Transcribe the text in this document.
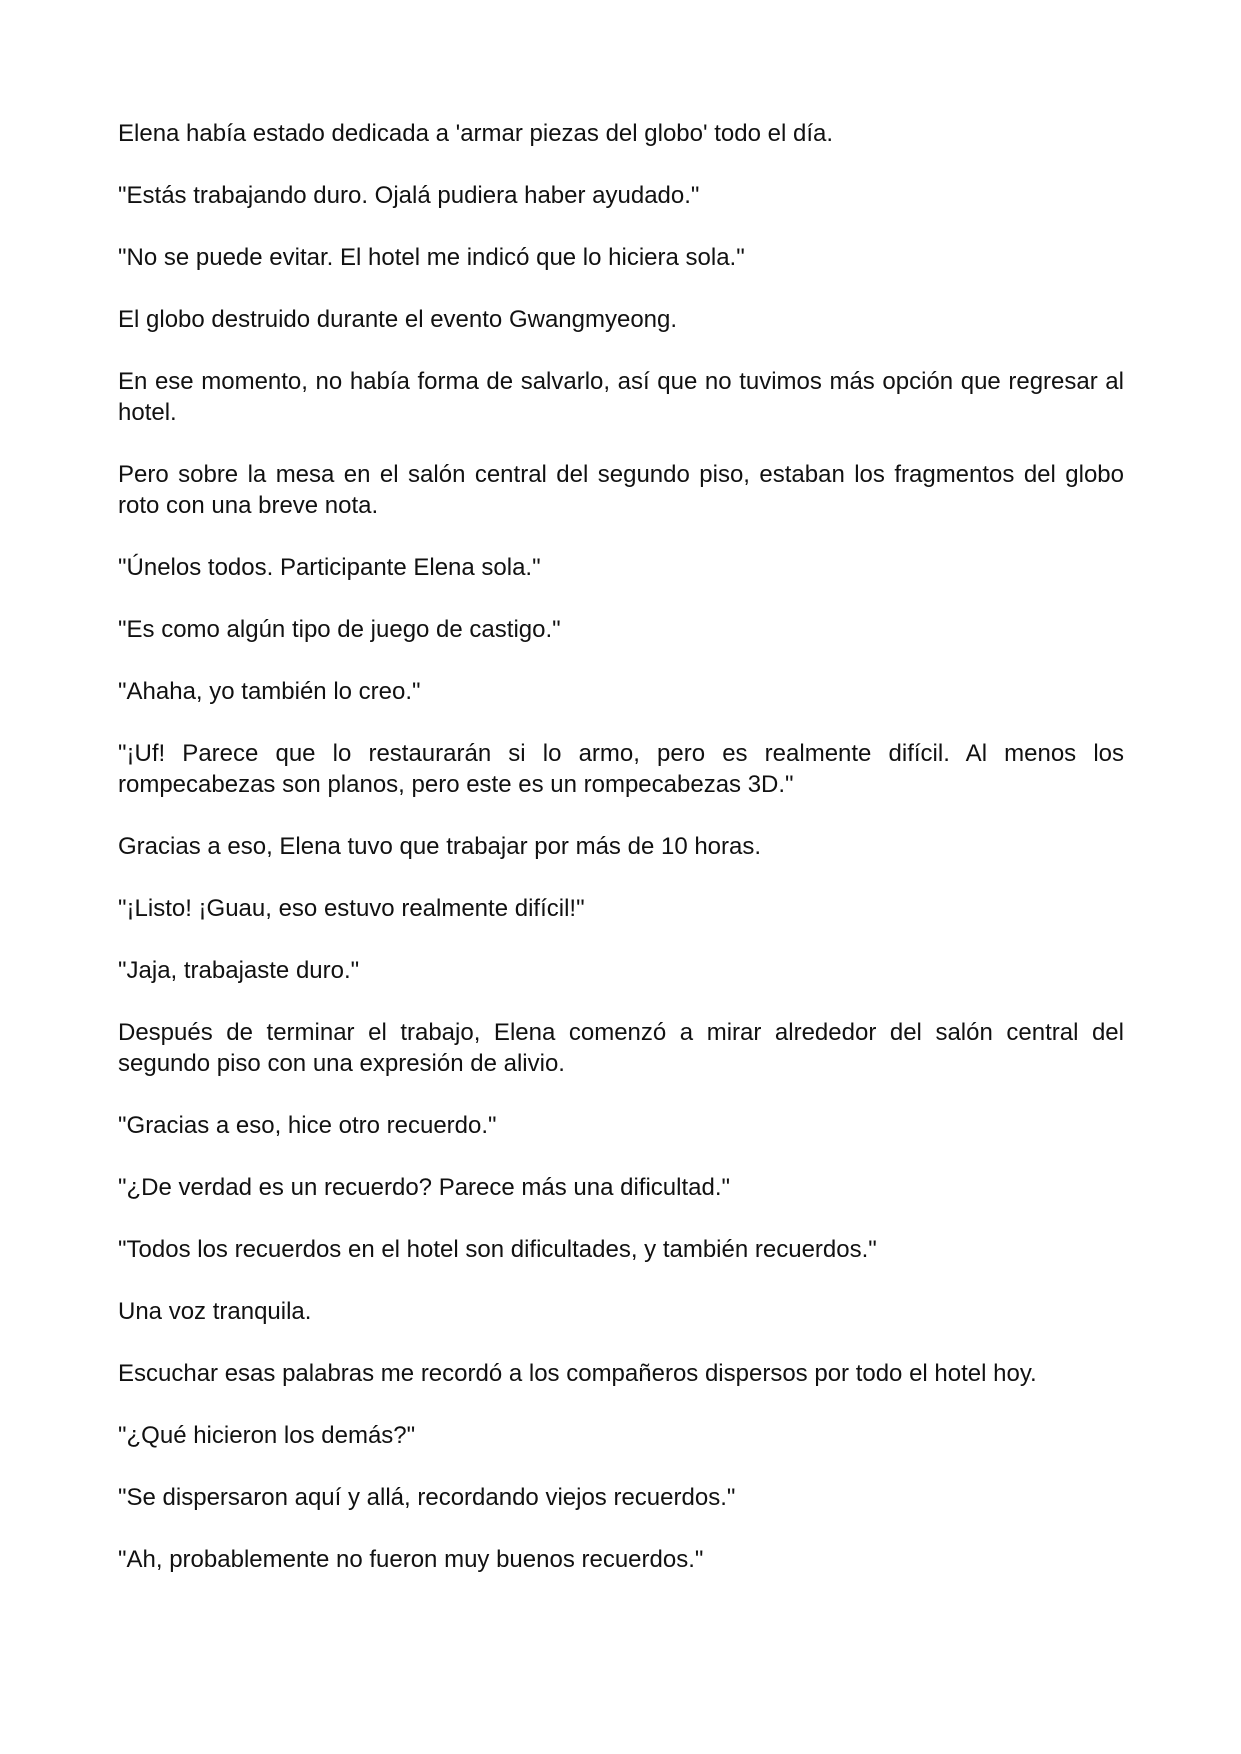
Elena había estado dedicada a 'armar piezas del globo' todo el día.

"Estás trabajando duro. Ojalá pudiera haber ayudado."

"No se puede evitar. El hotel me indicó que lo hiciera sola."

El globo destruido durante el evento Gwangmyeong.

En ese momento, no había forma de salvarlo, así que no tuvimos más opción que regresar al hotel.

Pero sobre la mesa en el salón central del segundo piso, estaban los fragmentos del globo roto con una breve nota.

"Únelos todos. Participante Elena sola."

"Es como algún tipo de juego de castigo."

"Ahaha, yo también lo creo."

"¡Uf! Parece que lo restaurarán si lo armo, pero es realmente difícil. Al menos los rompecabezas son planos, pero este es un rompecabezas 3D."

Gracias a eso, Elena tuvo que trabajar por más de 10 horas.

"¡Listo! ¡Guau, eso estuvo realmente difícil!"

"Jaja, trabajaste duro."

Después de terminar el trabajo, Elena comenzó a mirar alrededor del salón central del segundo piso con una expresión de alivio.

"Gracias a eso, hice otro recuerdo."

"¿De verdad es un recuerdo? Parece más una dificultad."

"Todos los recuerdos en el hotel son dificultades, y también recuerdos."

Una voz tranquila.

Escuchar esas palabras me recordó a los compañeros dispersos por todo el hotel hoy.

"¿Qué hicieron los demás?"

"Se dispersaron aquí y allá, recordando viejos recuerdos."

"Ah, probablemente no fueron muy buenos recuerdos."
